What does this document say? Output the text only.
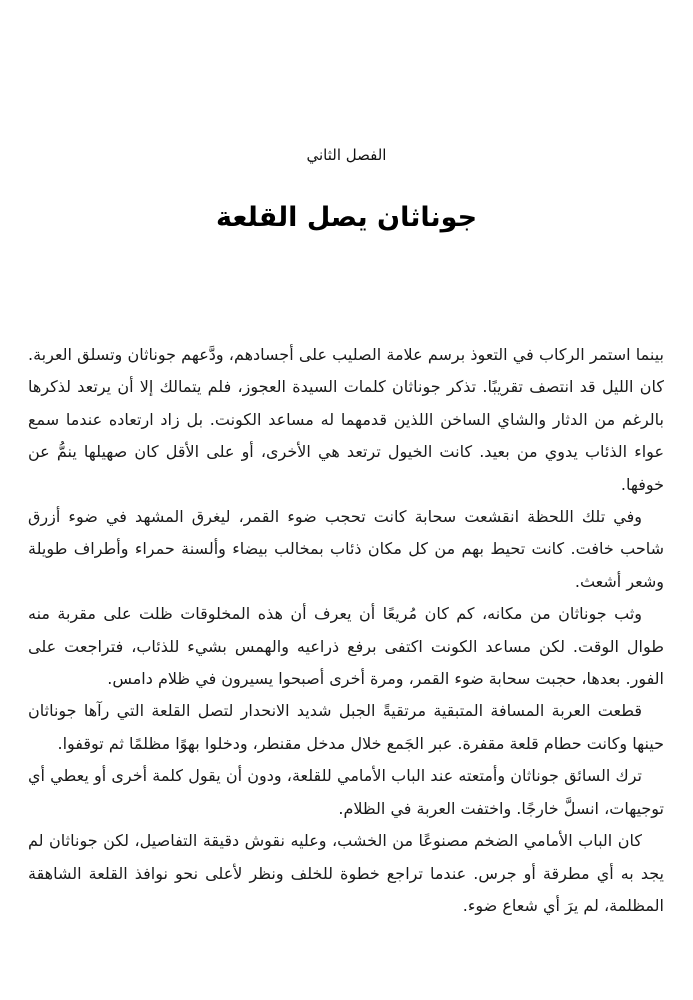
الفصل الثاني
جوناثان يصل القلعة

بينما استمر الركاب في التعوذ برسم علامة الصليب على أجسادهم، ودَّعهم جوناثان وتسلق العربة. كان الليل قد انتصف تقريبًا. تذكر جوناثان كلمات السيدة العجوز، فلم يتمالك إلا أن يرتعد لذكرها بالرغم من الدثار والشاي الساخن اللذين قدمهما له مساعد الكونت. بل زاد ارتعاده عندما سمع عواء الذئاب يدوي من بعيد. كانت الخيول ترتعد هي الأخرى، أو على الأقل كان صهيلها ينمُّ عن خوفها.

وفي تلك اللحظة انقشعت سحابة كانت تحجب ضوء القمر، ليغرق المشهد في ضوء أزرق شاحب خافت. كانت تحيط بهم من كل مكان ذئاب بمخالب بيضاء وألسنة حمراء وأطراف طويلة وشعر أشعث.

وثب جوناثان من مكانه، كم كان مُريعًا أن يعرف أن هذه المخلوقات ظلت على مقربة منه طوال الوقت. لكن مساعد الكونت اكتفى برفع ذراعيه والهمس بشيء للذئاب، فتراجعت على الفور. بعدها، حجبت سحابة ضوء القمر، ومرة أخرى أصبحوا يسيرون في ظلام دامس.

قطعت العربة المسافة المتبقية مرتقيةً الجبل شديد الانحدار لتصل القلعة التي رآها جوناثان حينها وكانت حطام قلعة مقفرة. عبر الجَمع خلال مدخل مقنطر، ودخلوا بهوًا مظلمًا ثم توقفوا.

ترك السائق جوناثان وأمتعته عند الباب الأمامي للقلعة، ودون أن يقول كلمة أخرى أو يعطي أي توجيهات، انسلَّ خارجًا. واختفت العربة في الظلام.

كان الباب الأمامي الضخم مصنوعًا من الخشب، وعليه نقوش دقيقة التفاصيل، لكن جوناثان لم يجد به أي مطرقة أو جرس. عندما تراجع خطوة للخلف ونظر لأعلى نحو نوافذ القلعة الشاهقة المظلمة، لم يرَ أي شعاع ضوء.
